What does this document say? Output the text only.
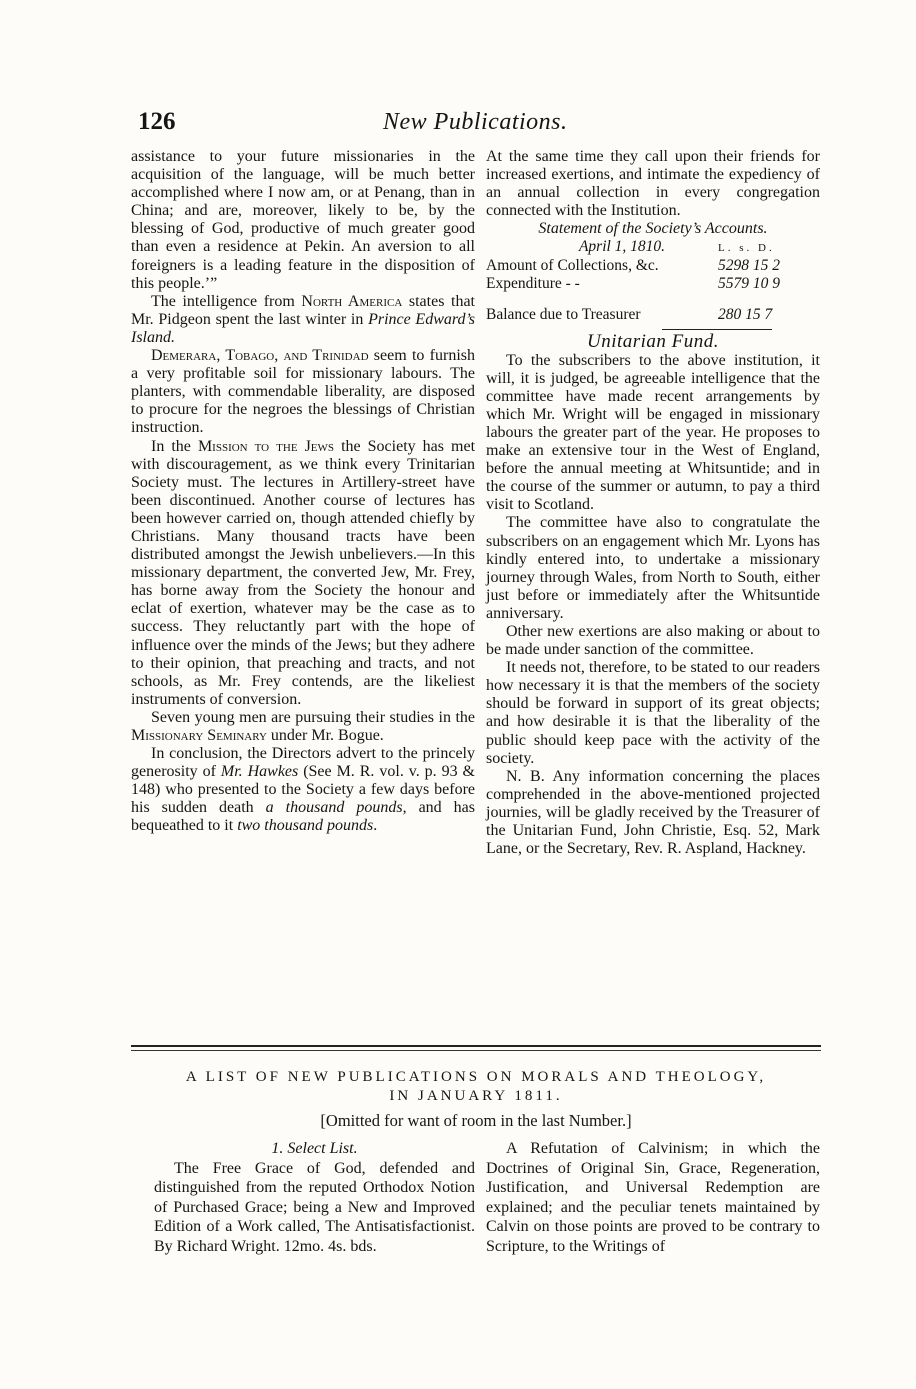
126	New Publications.

assistance to your future missionaries in the acquisition of the language, will be much better accomplished where I now am, or at Penang, than in China; and are, moreover, likely to be, by the blessing of God, productive of much greater good than even a residence at Pekin. An aversion to all foreigners is a leading feature in the disposition of this people.’”

The intelligence from North America states that Mr. Pidgeon spent the last winter in Prince Edward’s Island.

Demerara, Tobago, and Trinidad seem to furnish a very profitable soil for missionary labours. The planters, with commendable liberality, are disposed to procure for the negroes the blessings of Christian instruction.

In the Mission to the Jews the Society has met with discouragement, as we think every Trinitarian Society must. The lectures in Artillery-street have been discontinued. Another course of lectures has been however carried on, though attended chiefly by Christians. Many thousand tracts have been distributed amongst the Jewish unbelievers.—In this missionary department, the converted Jew, Mr. Frey, has borne away from the Society the honour and eclat of exertion, whatever may be the case as to success. They reluctantly part with the hope of influence over the minds of the Jews; but they adhere to their opinion, that preaching and tracts, and not schools, as Mr. Frey contends, are the likeliest instruments of conversion.

Seven young men are pursuing their studies in the Missionary Seminary under Mr. Bogue.

In conclusion, the Directors advert to the princely generosity of Mr. Hawkes (See M. R. vol. v. p. 93 & 148) who presented to the Society a few days before his sudden death a thousand pounds, and has bequeathed to it two thousand pounds.

At the same time they call upon their friends for increased exertions, and intimate the expediency of an annual collection in every congregation connected with the Institution.

Statement of the Society’s Accounts.

April 1, 1810.	L. s. D.
Amount of Collections, &c.	5298 15 2
Expenditure - -	5579 10 9
Balance due to Treasurer	280 15 7

Unitarian Fund.

To the subscribers to the above institution, it will, it is judged, be agreeable intelligence that the committee have made recent arrangements by which Mr. Wright will be engaged in missionary labours the greater part of the year. He proposes to make an extensive tour in the West of England, before the annual meeting at Whitsuntide; and in the course of the summer or autumn, to pay a third visit to Scotland.

The committee have also to congratulate the subscribers on an engagement which Mr. Lyons has kindly entered into, to undertake a missionary journey through Wales, from North to South, either just before or immediately after the Whitsuntide anniversary.

Other new exertions are also making or about to be made under sanction of the committee.

It needs not, therefore, to be stated to our readers how necessary it is that the members of the society should be forward in support of its great objects; and how desirable it is that the liberality of the public should keep pace with the activity of the society.

N. B. Any information concerning the places comprehended in the above-mentioned projected journies, will be gladly received by the Treasurer of the Unitarian Fund, John Christie, Esq. 52, Mark Lane, or the Secretary, Rev. R. Aspland, Hackney.

A LIST OF NEW PUBLICATIONS ON MORALS AND THEOLOGY,
IN JANUARY 1811.
[Omitted for want of room in the last Number.]

1. Select List.

The Free Grace of God, defended and distinguished from the reputed Orthodox Notion of Purchased Grace; being a New and Improved Edition of a Work called, The Antisatisfactionist. By Richard Wright. 12mo. 4s. bds.

A Refutation of Calvinism; in which the Doctrines of Original Sin, Grace, Regeneration, Justification, and Universal Redemption are explained; and the peculiar tenets maintained by Calvin on those points are proved to be contrary to Scripture, to the Writings of
